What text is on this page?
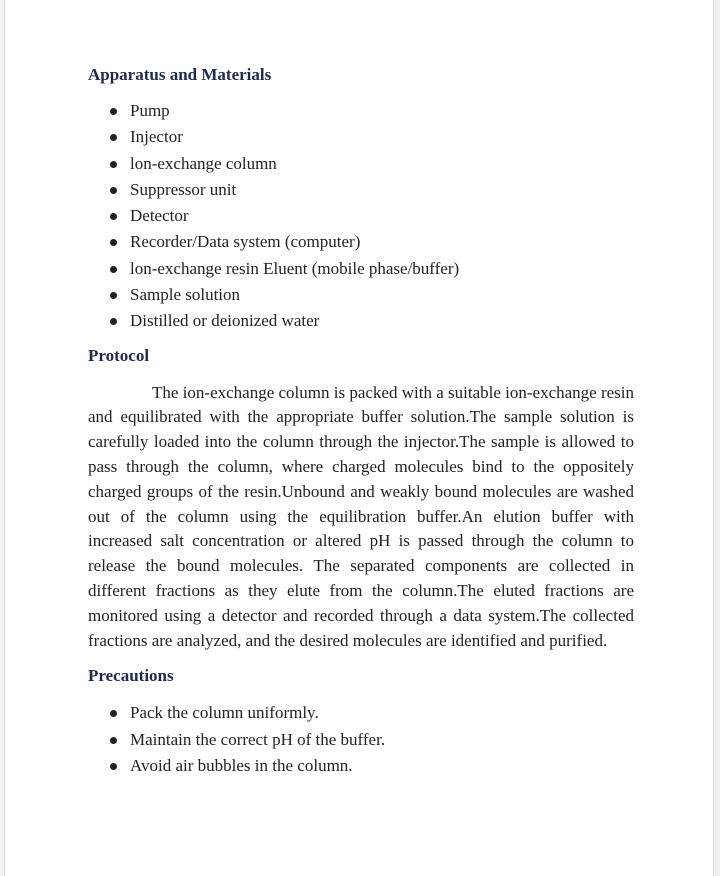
Apparatus and Materials
Pump
Injector
lon-exchange column
Suppressor unit
Detector
Recorder/Data system (computer)
lon-exchange resin Eluent (mobile phase/buffer)
Sample solution
Distilled or deionized water
Protocol

The ion-exchange column is packed with a suitable ion-exchange resin and equilibrated with the appropriate buffer solution.The sample solution is carefully loaded into the column through the injector.The sample is allowed to pass through the column, where charged molecules bind to the oppositely charged groups of the resin.Unbound and weakly bound molecules are washed out of the column using the equilibration buffer.An elution buffer with increased salt concentration or altered pH is passed through the column to release the bound molecules. The separated components are collected in different fractions as they elute from the column.The eluted fractions are monitored using a detector and recorded through a data system.The collected fractions are analyzed, and the desired molecules are identified and purified.

Precautions
Pack the column uniformly.
Maintain the correct pH of the buffer.
Avoid air bubbles in the column.
